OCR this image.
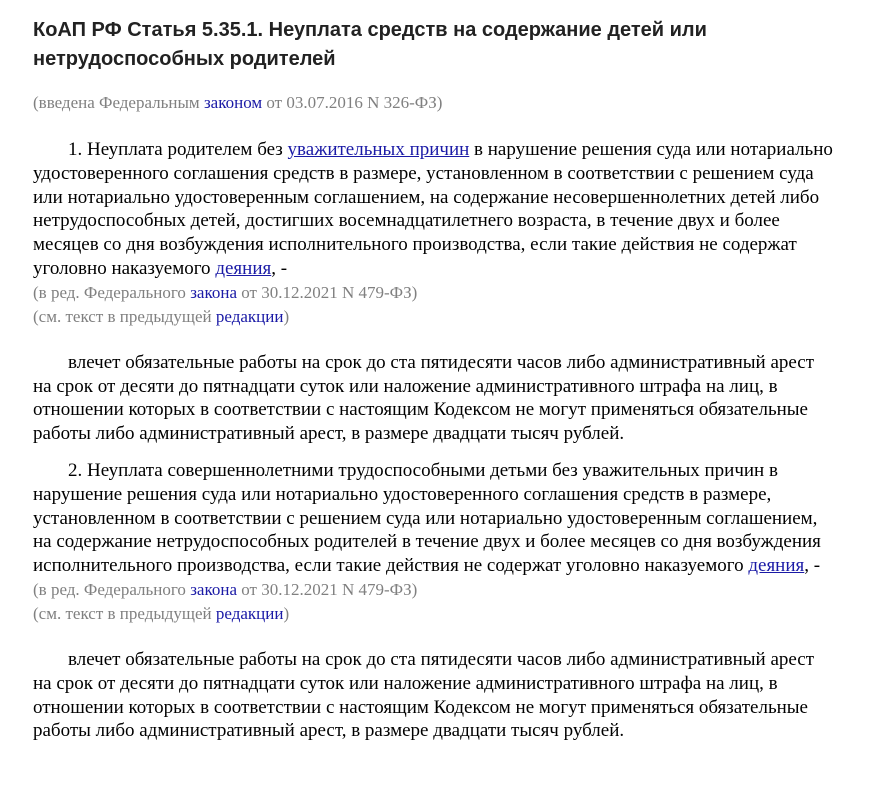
КоАП РФ Статья 5.35.1. Неуплата средств на содержание детей или нетрудоспособных родителей
(введена Федеральным законом от 03.07.2016 N 326-ФЗ)

1. Неуплата родителем без уважительных причин в нарушение решения суда или нотариально удостоверенного соглашения средств в размере, установленном в соответствии с решением суда или нотариально удостоверенным соглашением, на содержание несовершеннолетних детей либо нетрудоспособных детей, достигших восемнадцатилетнего возраста, в течение двух и более месяцев со дня возбуждения исполнительного производства, если такие действия не содержат уголовно наказуемого деяния, -

(в ред. Федерального закона от 30.12.2021 N 479-ФЗ)
(см. текст в предыдущей редакции)

влечет обязательные работы на срок до ста пятидесяти часов либо административный арест на срок от десяти до пятнадцати суток или наложение административного штрафа на лиц, в отношении которых в соответствии с настоящим Кодексом не могут применяться обязательные работы либо административный арест, в размере двадцати тысяч рублей.

2. Неуплата совершеннолетними трудоспособными детьми без уважительных причин в нарушение решения суда или нотариально удостоверенного соглашения средств в размере, установленном в соответствии с решением суда или нотариально удостоверенным соглашением, на содержание нетрудоспособных родителей в течение двух и более месяцев со дня возбуждения исполнительного производства, если такие действия не содержат уголовно наказуемого деяния, -

(в ред. Федерального закона от 30.12.2021 N 479-ФЗ)
(см. текст в предыдущей редакции)

влечет обязательные работы на срок до ста пятидесяти часов либо административный арест на срок от десяти до пятнадцати суток или наложение административного штрафа на лиц, в отношении которых в соответствии с настоящим Кодексом не могут применяться обязательные работы либо административный арест, в размере двадцати тысяч рублей.
